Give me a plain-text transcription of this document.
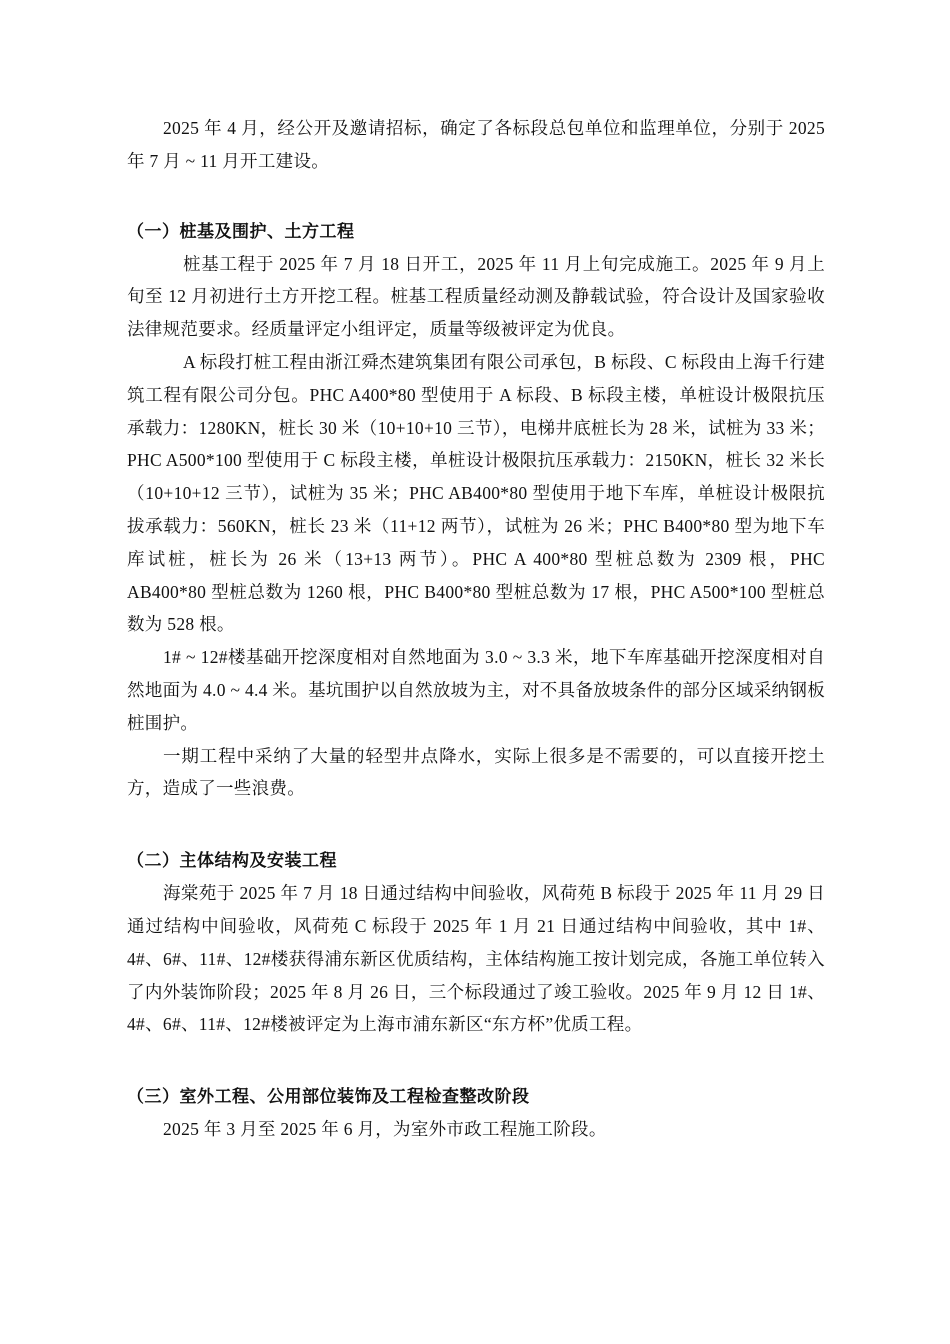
2025 年 4 月，经公开及邀请招标，确定了各标段总包单位和监理单位，分别于 2025 年 7 月 ~ 11 月开工建设。

（一）桩基及围护、土方工程

桩基工程于 2025 年 7 月 18 日开工，2025 年 11 月上旬完成施工。2025 年 9 月上旬至 12 月初进行土方开挖工程。桩基工程质量经动测及静载试验，符合设计及国家验收法律规范要求。经质量评定小组评定，质量等级被评定为优良。

A 标段打桩工程由浙江舜杰建筑集团有限公司承包，B 标段、C 标段由上海千行建筑工程有限公司分包。PHC A400*80 型使用于 A 标段、B 标段主楼，单桩设计极限抗压承载力：1280KN，桩长 30 米（10+10+10 三节），电梯井底桩长为 28 米，试桩为 33 米； PHC A500*100 型使用于 C 标段主楼，单桩设计极限抗压承载力：2150KN，桩长 32 米长（10+10+12 三节），试桩为 35 米；PHC AB400*80 型使用于地下车库，单桩设计极限抗拔承载力：560KN，桩长 23 米（11+12 两节），试桩为 26 米；PHC B400*80 型为地下车库试桩，桩长为 26 米（13+13 两节）。PHC A 400*80 型桩总数为 2309 根，PHC AB400*80 型桩总数为 1260 根，PHC B400*80 型桩总数为 17 根，PHC A500*100 型桩总数为 528 根。

1# ~ 12#楼基础开挖深度相对自然地面为 3.0 ~ 3.3 米，地下车库基础开挖深度相对自然地面为 4.0 ~ 4.4 米。基坑围护以自然放坡为主，对不具备放坡条件的部分区域采纳钢板桩围护。

一期工程中采纳了大量的轻型井点降水，实际上很多是不需要的，可以直接开挖土方，造成了一些浪费。

（二）主体结构及安装工程

海棠苑于 2025 年 7 月 18 日通过结构中间验收，风荷苑 B 标段于 2025 年 11 月 29 日通过结构中间验收，风荷苑 C 标段于 2025 年 1 月 21 日通过结构中间验收，其中 1#、4#、6#、11#、12#楼获得浦东新区优质结构，主体结构施工按计划完成，各施工单位转入了内外装饰阶段；2025 年 8 月 26 日，三个标段通过了竣工验收。2025 年 9 月 12 日 1#、4#、6#、11#、12#楼被评定为上海市浦东新区“东方杯”优质工程。

（三）室外工程、公用部位装饰及工程检查整改阶段

2025 年 3 月至 2025 年 6 月，为室外市政工程施工阶段。
